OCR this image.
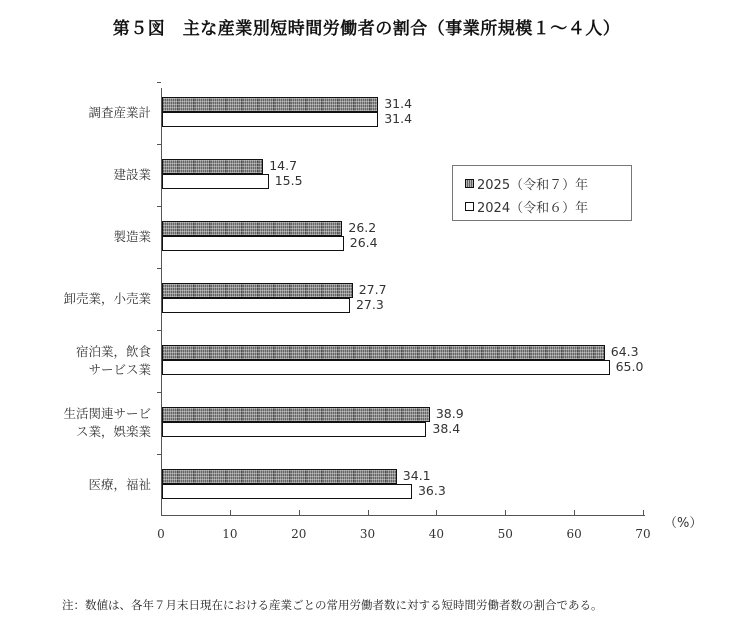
第５図　主な産業別短時間労働者の割合（事業所規模１～４人）
0	10	20	30	40	50	60	70
調査産業計
31.4
31.4
建設業
14.7
15.5
製造業
26.2
26.4
卸売業，小売業
27.7
27.3
宿泊業，飲食
サービス業
64.3
65.0
生活関連サービ
ス業，娯楽業
38.9
38.4
医療，福祉
34.1
36.3
（%）
2025（令和７）年
2024（令和６）年
注：数値は、各年７月末日現在における産業ごとの常用労働者数に対する短時間労働者数の割合である。
